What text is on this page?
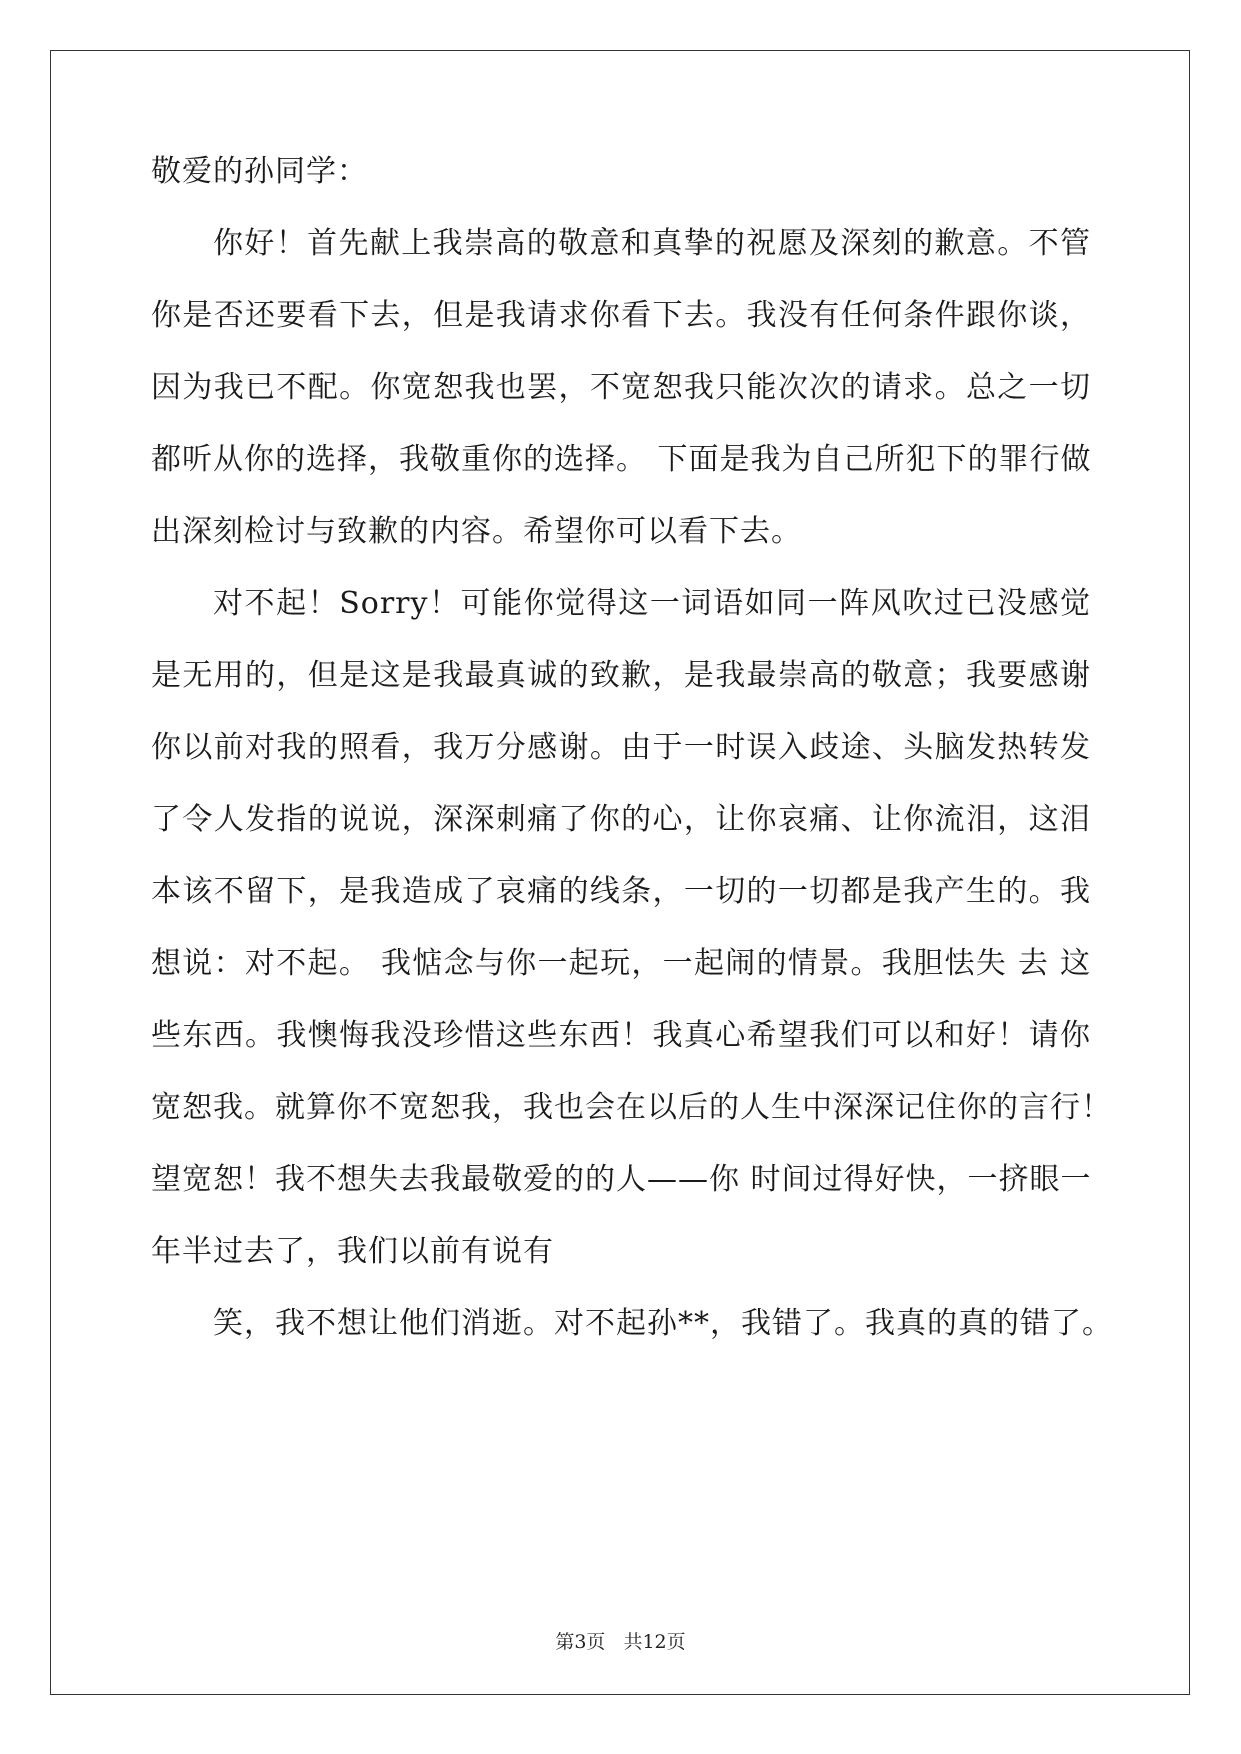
敬爱的孙同学：
你好！首先献上我崇高的敬意和真挚的祝愿及深刻的歉意。不管
你是否还要看下去，但是我请求你看下去。我没有任何条件跟你谈，
因为我已不配。你宽恕我也罢，不宽恕我只能次次的请求。总之一切
都听从你的选择，我敬重你的选择。 下面是我为自己所犯下的罪行做
出深刻检讨与致歉的内容。希望你可以看下去。
对不起！Sorry！可能你觉得这一词语如同一阵风吹过已没感觉
是无用的，但是这是我最真诚的致歉，是我最崇高的敬意；我要感谢
你以前对我的照看，我万分感谢。由于一时误入歧途、头脑发热转发
了令人发指的说说，深深刺痛了你的心，让你哀痛、让你流泪，这泪
本该不留下，是我造成了哀痛的线条，一切的一切都是我产生的。我
想说：对不起。 我惦念与你一起玩，一起闹的情景。我胆怯失 去 这
些东西。我懊悔我没珍惜这些东西！我真心希望我们可以和好！请你
宽恕我。就算你不宽恕我，我也会在以后的人生中深深记住你的言行！
望宽恕！我不想失去我最敬爱的的人——你 时间过得好快，一挤眼一
年半过去了，我们以前有说有
笑，我不想让他们消逝。对不起孙**，我错了。我真的真的错了。
第3页 共12页
